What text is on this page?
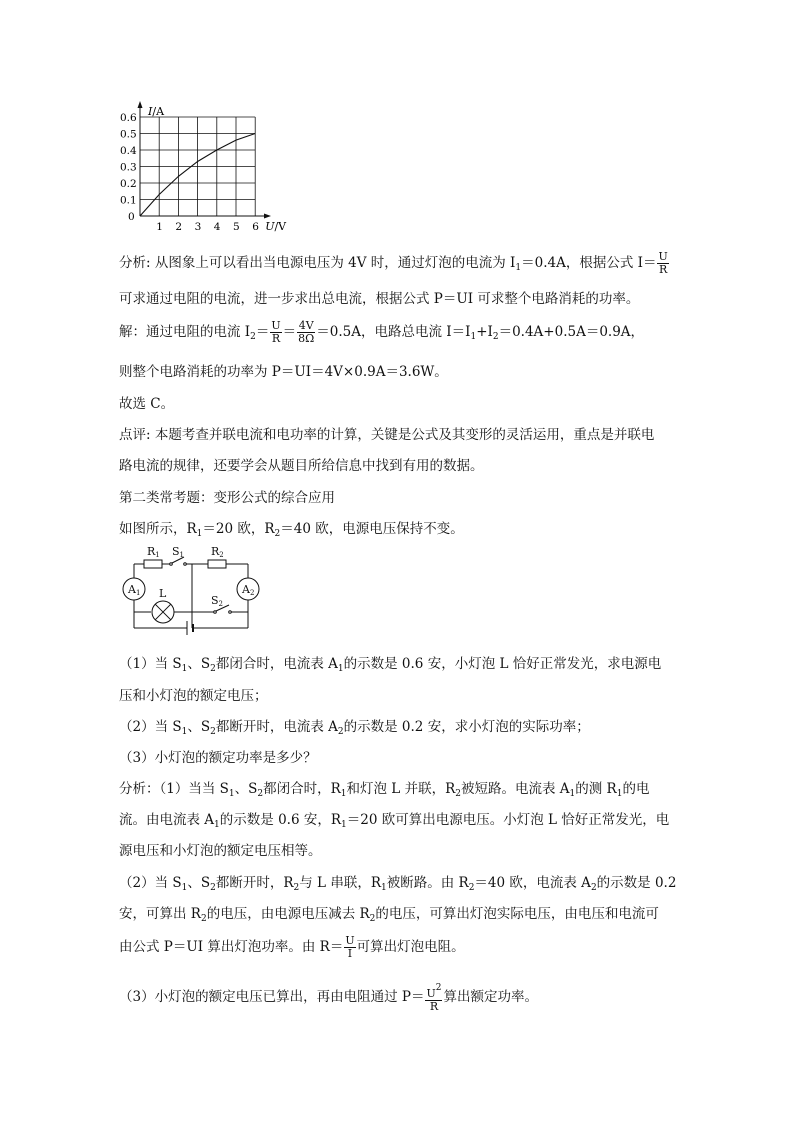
1 2 3 4 5 6
0.5
0.4
0.3
0.2
0.1
0.6
0
U/V
I/A
分析: 从图象上可以看出当电源电压为 4V 时，通过灯泡的电流为 $I_1=0.4A$，根据公式 $I= \frac{U}{R}$
可求通过电阻的电流，进一步求出总电流，根据公式 P＝UI 可求整个电路消耗的功率。
解：通过电阻的电流 $I_2= \frac{U}{R} = \frac{4V}{8\Omega} =0.5A$，电路总电流 $I=I_1+I_2=0.4A+0.5A=0.9A$，
则整个电路消耗的功率为 P＝UI＝4V×0.9A＝3.6W。
故选 C。
点评: 本题考查并联电流和电功率的计算，关键是公式及其变形的灵活运用，重点是并联电
路电流的规律，还要学会从题目所给信息中找到有用的数据。
第二类常考题：变形公式的综合应用
如图所示，$R_1=20$ 欧，$R_2=40$ 欧，电源电压保持不变。
R1 S1 R2
A1	A2
L
S2
（1）当 $S_1$、$S_2$都闭合时，电流表 $A_1$的示数是 0.6 安，小灯泡 L 恰好正常发光，求电源电
压和小灯泡的额定电压；
（2）当 $S_1$、$S_2$都断开时，电流表 $A_2$的示数是 0.2 安，求小灯泡的实际功率；
（3）小灯泡的额定功率是多少？
分析：（1）当当 $S_1$、$S_2$都闭合时，$R_1$和灯泡 L 并联，$R_2$被短路。电流表 $A_1$的测 $R_1$的电
流。由电流表 $A_1$的示数是 0.6 安，$R_1=20$ 欧可算出电源电压。小灯泡 L 恰好正常发光，电
源电压和小灯泡的额定电压相等。
（2）当 $S_1$、$S_2$都断开时，$R_2$与 L 串联，$R_1$被断路。由 $R_2=40$ 欧，电流表 $A_2$的示数是 0.2
安，可算出 $R_2$的电压，由电源电压减去 $R_2$的电压，可算出灯泡实际电压，由电压和电流可
由公式 P＝UI 算出灯泡功率。由 $R= \frac{U}{I}$ 可算出灯泡电阻。
（3）小灯泡的额定电压已算出，再由电阻通过 $P= \frac{U^2}{R}$ 算出额定功率。
